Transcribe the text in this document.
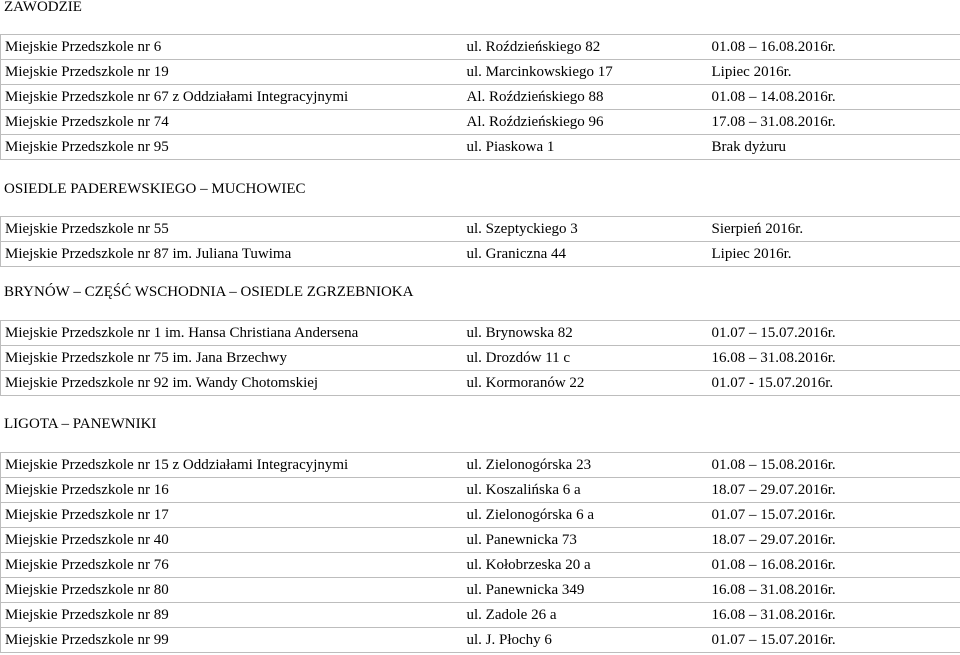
ZAWODZIE
Miejskie Przedszkole nr 6	ul. Roździeńskiego 82	01.08 – 16.08.2016r.
Miejskie Przedszkole nr 19	ul. Marcinkowskiego 17	Lipiec 2016r.
Miejskie Przedszkole nr 67 z Oddziałami Integracyjnymi	Al. Roździeńskiego 88	01.08 – 14.08.2016r.
Miejskie Przedszkole nr 74	Al. Roździeńskiego 96	17.08 – 31.08.2016r.
Miejskie Przedszkole nr 95	ul. Piaskowa 1	Brak dyżuru
OSIEDLE PADEREWSKIEGO – MUCHOWIEC
Miejskie Przedszkole nr 55	ul. Szeptyckiego 3	Sierpień 2016r.
Miejskie Przedszkole nr 87 im. Juliana Tuwima	ul. Graniczna 44	Lipiec 2016r.
BRYNÓW – CZĘŚĆ WSCHODNIA – OSIEDLE ZGRZEBNIOKA
Miejskie Przedszkole nr 1 im. Hansa Christiana Andersena	ul. Brynowska 82	01.07 – 15.07.2016r.
Miejskie Przedszkole nr 75 im. Jana Brzechwy	ul. Drozdów 11 c	16.08 – 31.08.2016r.
Miejskie Przedszkole nr 92 im. Wandy Chotomskiej	ul. Kormoranów 22	01.07 - 15.07.2016r.
LIGOTA – PANEWNIKI
Miejskie Przedszkole nr 15 z Oddziałami Integracyjnymi	ul. Zielonogórska 23	01.08 – 15.08.2016r.
Miejskie Przedszkole nr 16	ul. Koszalińska 6 a	18.07 – 29.07.2016r.
Miejskie Przedszkole nr 17	ul. Zielonogórska 6 a	01.07 – 15.07.2016r.
Miejskie Przedszkole nr 40	ul. Panewnicka 73	18.07 – 29.07.2016r.
Miejskie Przedszkole nr 76	ul. Kołobrzeska 20 a	01.08 – 16.08.2016r.
Miejskie Przedszkole nr 80	ul. Panewnicka 349	16.08 – 31.08.2016r.
Miejskie Przedszkole nr 89	ul. Zadole 26 a	16.08 – 31.08.2016r.
Miejskie Przedszkole nr 99	ul. J. Płochy 6	01.07 – 15.07.2016r.
